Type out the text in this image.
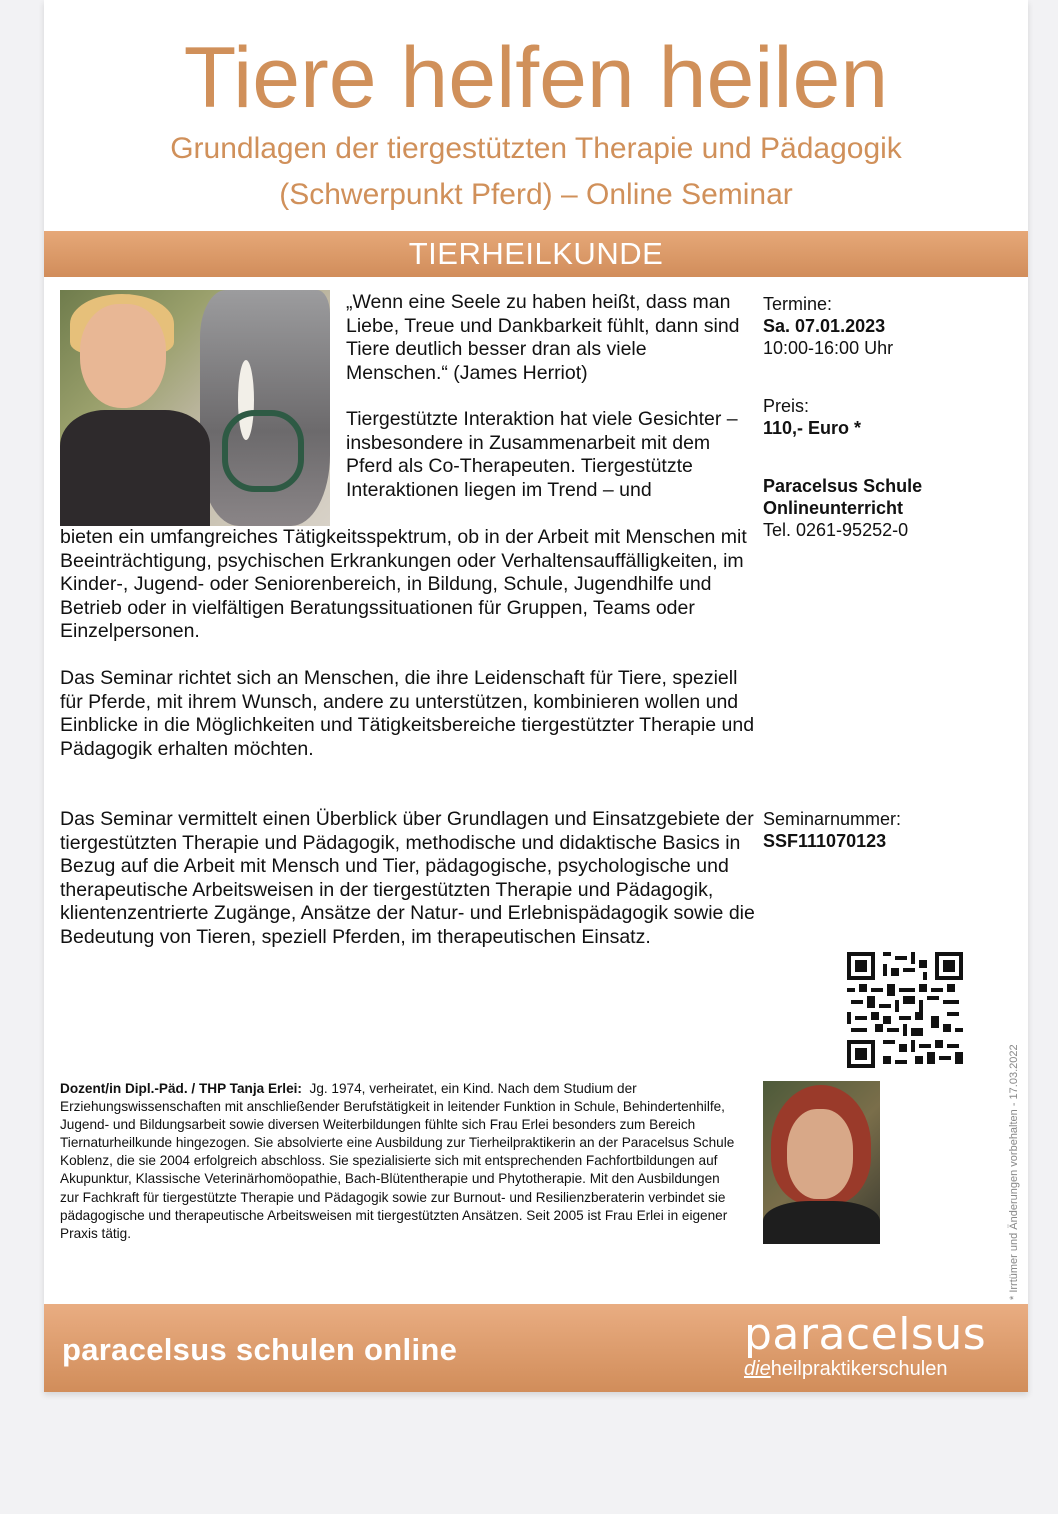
Tiere helfen heilen
Grundlagen der tiergestützten Therapie und Pädagogik
(Schwerpunkt Pferd) – Online Seminar
TIERHEILKUNDE
„Wenn eine Seele zu haben heißt, dass man Liebe, Treue und Dankbarkeit fühlt, dann sind Tiere deutlich besser dran als viele Menschen.“ (James Herriot)
Tiergestützte Interaktion hat viele Gesichter – insbesondere in Zusammenarbeit mit dem Pferd als Co-Therapeuten. Tiergestützte Interaktionen liegen im Trend – und
bieten ein umfangreiches Tätigkeitsspektrum, ob in der Arbeit mit Menschen mit Beeinträchtigung, psychischen Erkrankungen oder Verhaltensauffälligkeiten, im Kinder-, Jugend- oder Seniorenbereich, in Bildung, Schule, Jugendhilfe und Betrieb oder in vielfältigen Beratungssituationen für Gruppen, Teams oder Einzelpersonen.
Das Seminar richtet sich an Menschen, die ihre Leidenschaft für Tiere, speziell für Pferde, mit ihrem Wunsch, andere zu unterstützen, kombinieren wollen und Einblicke in die Möglichkeiten und Tätigkeitsbereiche tiergestützter Therapie und Pädagogik erhalten möchten.
Das Seminar vermittelt einen Überblick über Grundlagen und Einsatzgebiete der tiergestützten Therapie und Pädagogik, methodische und didaktische Basics in Bezug auf die Arbeit mit Mensch und Tier, pädagogische, psychologische und therapeutische Arbeitsweisen in der tiergestützten Therapie und Pädagogik, klientenzentrierte Zugänge, Ansätze der Natur- und Erlebnispädagogik sowie die Bedeutung von Tieren, speziell Pferden, im therapeutischen Einsatz.
Termine:
Sa. 07.01.2023
10:00-16:00 Uhr
Preis:
110,- Euro *
Paracelsus Schule
Onlineunterricht
Tel. 0261-95252-0
Seminarnummer:
SSF111070123
Dozent/in Dipl.-Päd. / THP Tanja Erlei: Jg. 1974, verheiratet, ein Kind. Nach dem Studium der Erziehungswissenschaften mit anschließender Berufstätigkeit in leitender Funktion in Schule, Behindertenhilfe, Jugend- und Bildungsarbeit sowie diversen Weiterbildungen fühlte sich Frau Erlei besonders zum Bereich Tiernaturheilkunde hingezogen. Sie absolvierte eine Ausbildung zur Tierheilpraktikerin an der Paracelsus Schule Koblenz, die sie 2004 erfolgreich abschloss. Sie spezialisierte sich mit entsprechenden Fachfortbildungen auf Akupunktur, Klassische Veterinärhomöopathie, Bach-Blütentherapie und Phytotherapie. Mit den Ausbildungen zur Fachkraft für tiergestützte Therapie und Pädagogik sowie zur Burnout- und Resilienzberaterin verbindet sie pädagogische und therapeutische Arbeitsweisen mit tiergestützten Ansätzen. Seit 2005 ist Frau Erlei in eigener Praxis tätig.
paracelsus schulen online	paracelsus
dieheilpraktikerschulen
* Irrtümer und Änderungen vorbehalten - 17.03.2022
